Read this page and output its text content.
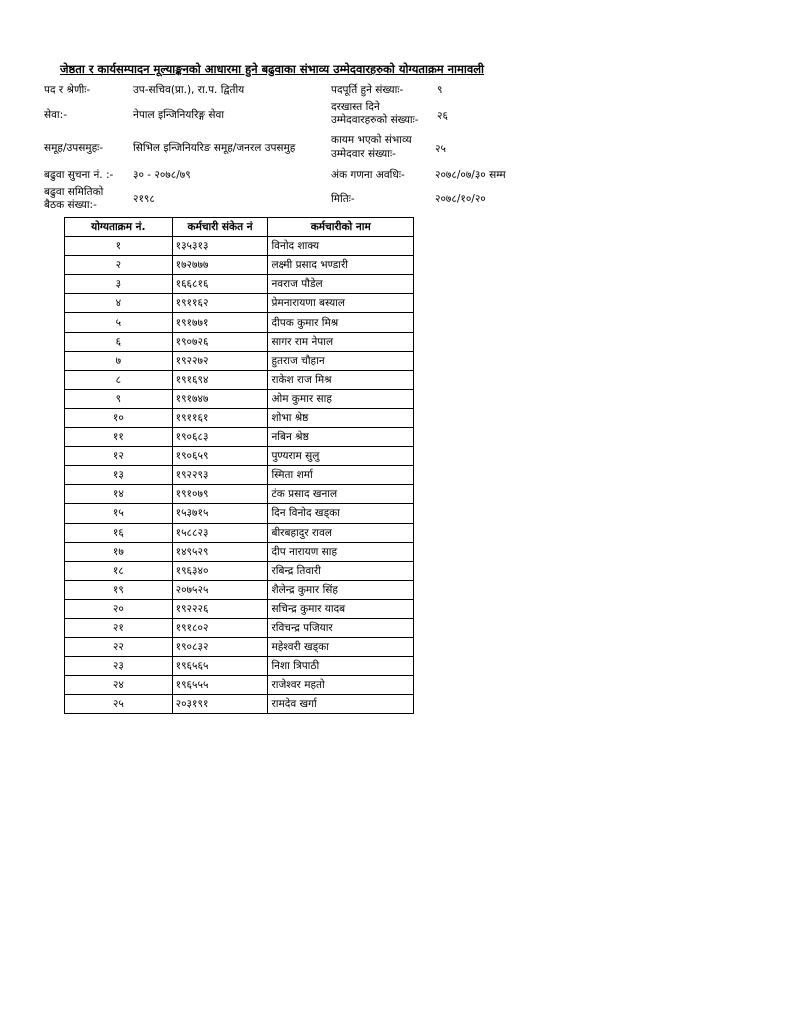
जेष्ठता र कार्यसम्पादन मूल्याङ्कनको आधारमा हुने बढुवाका संभाव्य उम्मेदवारहरुको योग्यताक्रम नामावली
पद र श्रेणीः-	उप-सचिव(प्रा.), रा.प. द्वितीय
सेवा:-	नेपाल इन्जिनियरिङ्ग सेवा
समूह/उपसमुहः-	सिभिल इन्जिनियरिङ समूह/जनरल उपसमुह
बढुवा सुचना नं. :- ३० - २०७८/७९
बढुवा समितिको
बैठक संख्या:-	२१९८
पदपूर्ति हुने संख्याः-	९
दरखास्त दिने
उम्मेदवारहरुको संख्याः- २६
कायम भएको संभाव्य
उम्मेदवार संख्याः-	२५
अंक गणना अवधिः-	२०७८/०७/३० सम्म
मितिः-	२०७८/१०/२०
योग्यताक्रम नं.	कर्मचारी संकेत नं	कर्मचारीको नाम
१	१३५३१३	विनोद शाक्य
२	१७२७७७	लक्ष्मी प्रसाद भण्डारी
३	१६६८१६	नवराज पौडेल
४	१९११६२	प्रेमनारायणा बस्याल
५	१९१७७१	दीपक कुमार मिश्र
६	१९०७२६	सागर राम नेपाल
७	१९२२७२	हुतराज चौहान
८	१९१६९४	राकेश राज मिश्र
९	१९१७४७	ओम कुमार साह
१०	१९११६१	शोभा श्रेष्ठ
११	१९०६८३	नबिन श्रेष्ठ
१२	१९०६५९	पुण्यराम सुलु
१३	१९२२९३	स्मिता शर्मा
१४	१९१०७९	टंक प्रसाद खनाल
१५	१५३७१५	दिन विनोद खड्का
१६	१५८८२३	बीरबहादुर रावल
१७	१४९५२९	दीप नारायण साह
१८	१९६३४०	रबिन्द्र तिवारी
१९	२०७५२५	शैलेन्द्र कुमार सिंह
२०	१९२२२६	सचिन्द्र कुमार यादब
२१	१९१८०२	रविचन्द्र पजियार
२२	१९०८३२	महेश्वरी खड्का
२३	१९६५६५	निशा त्रिपाठी
२४	१९६५५५	राजेश्वर महतो
२५	२०३१९१	रामदेव खर्गा
